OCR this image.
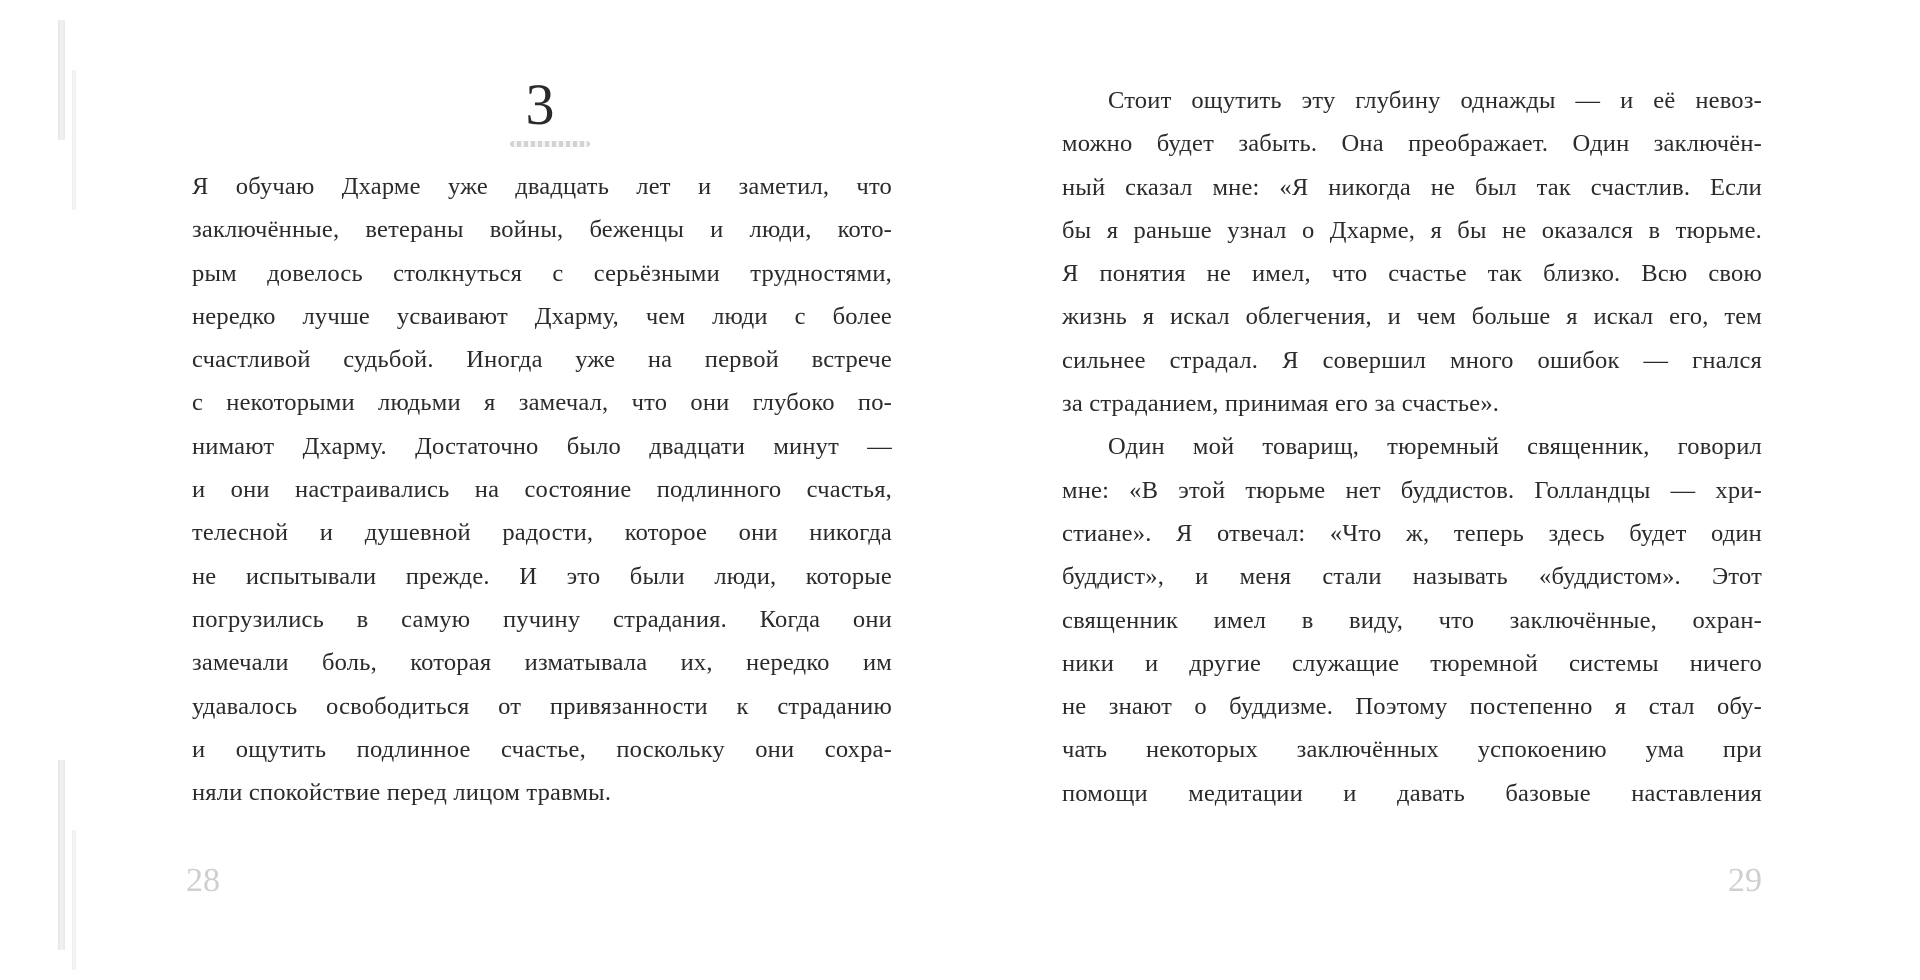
3
Я обучаю Дхарме уже двадцать лет и заметил, что
заключённые, ветераны войны, беженцы и люди, кото-
рым довелось столкнуться с серьёзными трудностями,
нередко лучше усваивают Дхарму, чем люди с более
счастливой судьбой. Иногда уже на первой встрече
с некоторыми людьми я замечал, что они глубоко по-
нимают Дхарму. Достаточно было двадцати минут —
и они настраивались на состояние подлинного счастья,
телесной и душевной радости, которое они никогда
не испытывали прежде. И это были люди, которые
погрузились в самую пучину страдания. Когда они
замечали боль, которая изматывала их, нередко им
удавалось освободиться от привязанности к страданию
и ощутить подлинное счастье, поскольку они сохра-
няли спокойствие перед лицом травмы.
28
Стоит ощутить эту глубину однажды — и её невоз-
можно будет забыть. Она преображает. Один заключён-
ный сказал мне: «Я никогда не был так счастлив. Если
бы я раньше узнал о Дхарме, я бы не оказался в тюрьме.
Я понятия не имел, что счастье так близко. Всю свою
жизнь я искал облегчения, и чем больше я искал его, тем
сильнее страдал. Я совершил много ошибок — гнался
за страданием, принимая его за счастье».
Один мой товарищ, тюремный священник, говорил
мне: «В этой тюрьме нет буддистов. Голландцы — хри-
стиане». Я отвечал: «Что ж, теперь здесь будет один
буддист», и меня стали называть «буддистом». Этот
священник имел в виду, что заключённые, охран-
ники и другие служащие тюремной системы ничего
не знают о буддизме. Поэтому постепенно я стал обу-
чать некоторых заключённых успокоению ума при
помощи медитации и давать базовые наставления
29
